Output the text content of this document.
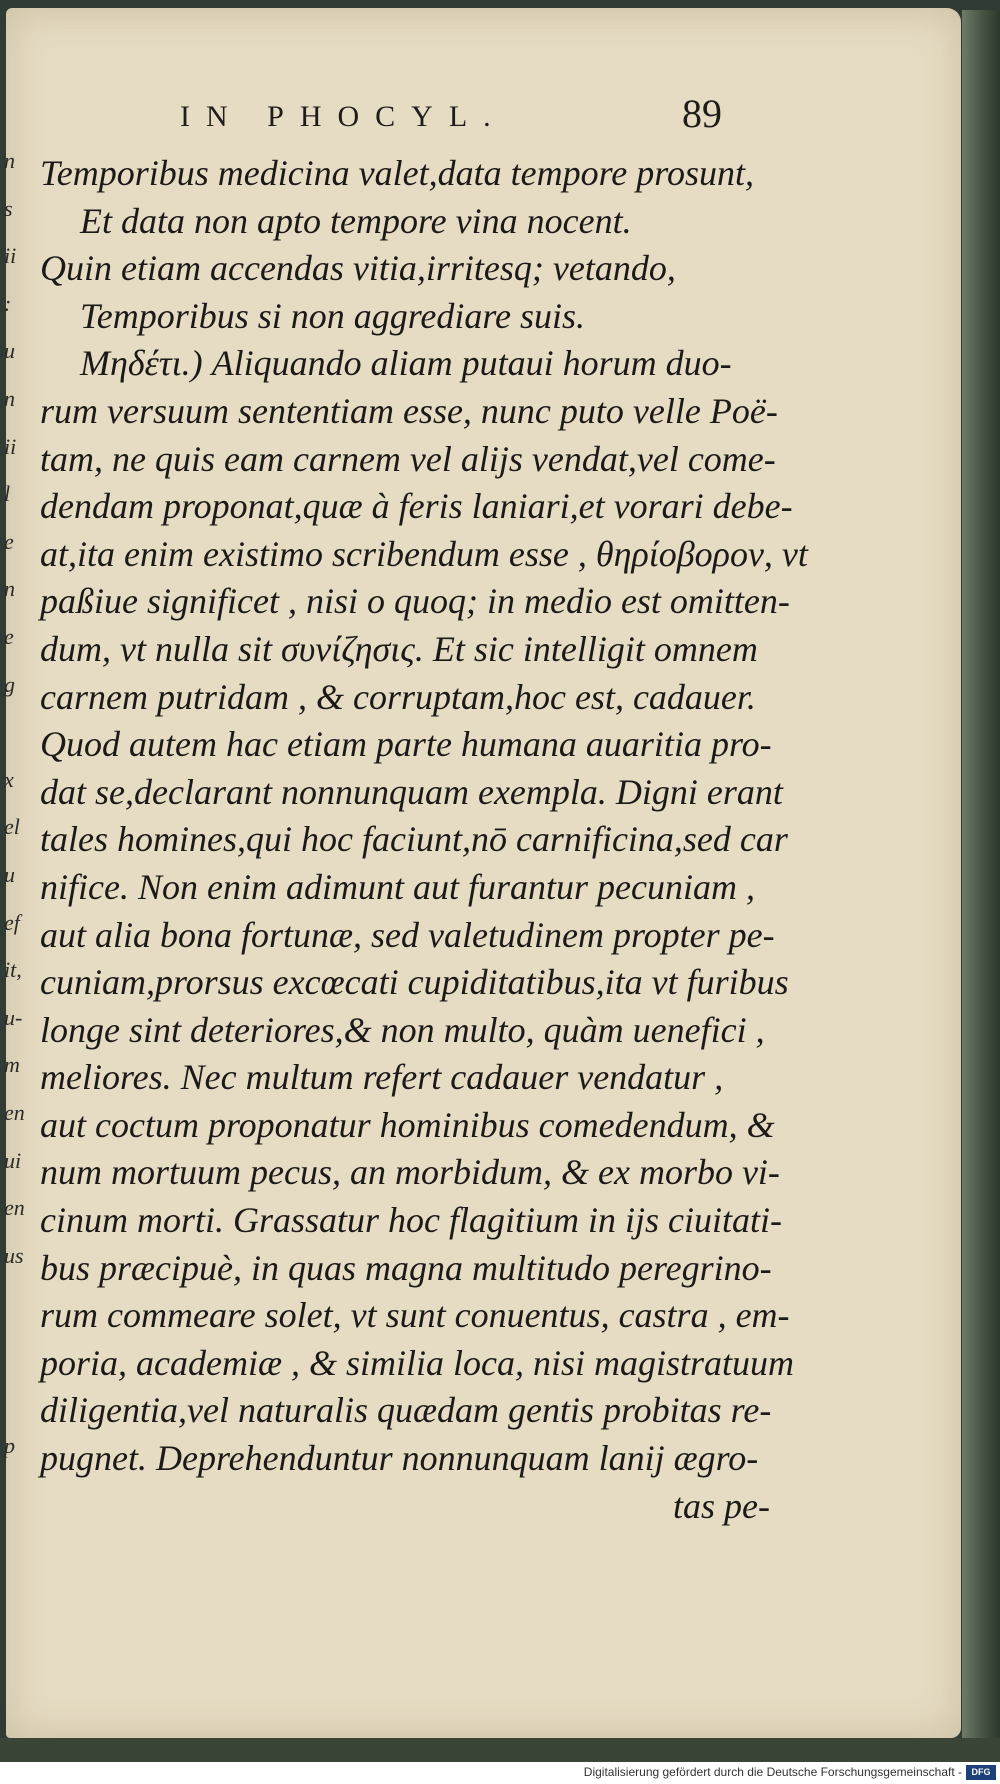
n
s
ii
:
u
n
ii
l
e
n
e
g
x
el
u
ef
it,
u-
m
en
ui
en
us
p
IN PHOCYL.	89
Temporibus medicina valet,data tempore prosunt,
Et data non apto tempore vina nocent.
Quin etiam accendas vitia,irritesq; vetando,
Temporibus si non aggrediare suis.
Μηδέτι.) Aliquando aliam putaui horum duo-
rum versuum sententiam esse, nunc puto velle Poë-
tam, ne quis eam carnem vel alijs vendat,vel come-
dendam proponat,quæ à feris laniari,et vorari debe-
at,ita enim existimo scribendum esse , θηρίοβορον, vt
paßiue significet , nisi o quoq; in medio est omitten-
dum, vt nulla sit συνίζησις. Et sic intelligit omnem
carnem putridam , & corruptam,hoc est, cadauer.
Quod autem hac etiam parte humana auaritia pro-
dat se,declarant nonnunquam exempla. Digni erant
tales homines,qui hoc faciunt,nō carnificina,sed car
nifice. Non enim adimunt aut furantur pecuniam ,
aut alia bona fortunæ, sed valetudinem propter pe-
cuniam,prorsus excœcati cupiditatibus,ita vt furibus
longe sint deteriores,& non multo, quàm uenefici ,
meliores. Nec multum refert cadauer vendatur ,
aut coctum proponatur hominibus comedendum, &
num mortuum pecus, an morbidum, & ex morbo vi-
cinum morti. Grassatur hoc flagitium in ijs ciuitati-
bus præcipuè, in quas magna multitudo peregrino-
rum commeare solet, vt sunt conuentus, castra , em-
poria, academiæ , & similia loca, nisi magistratuum
diligentia,vel naturalis quædam gentis probitas re-
pugnet. Deprehenduntur nonnunquam lanij ægro-
tas pe-
Digitalisierung gefördert durch die Deutsche Forschungsgemeinschaft -	DFG
